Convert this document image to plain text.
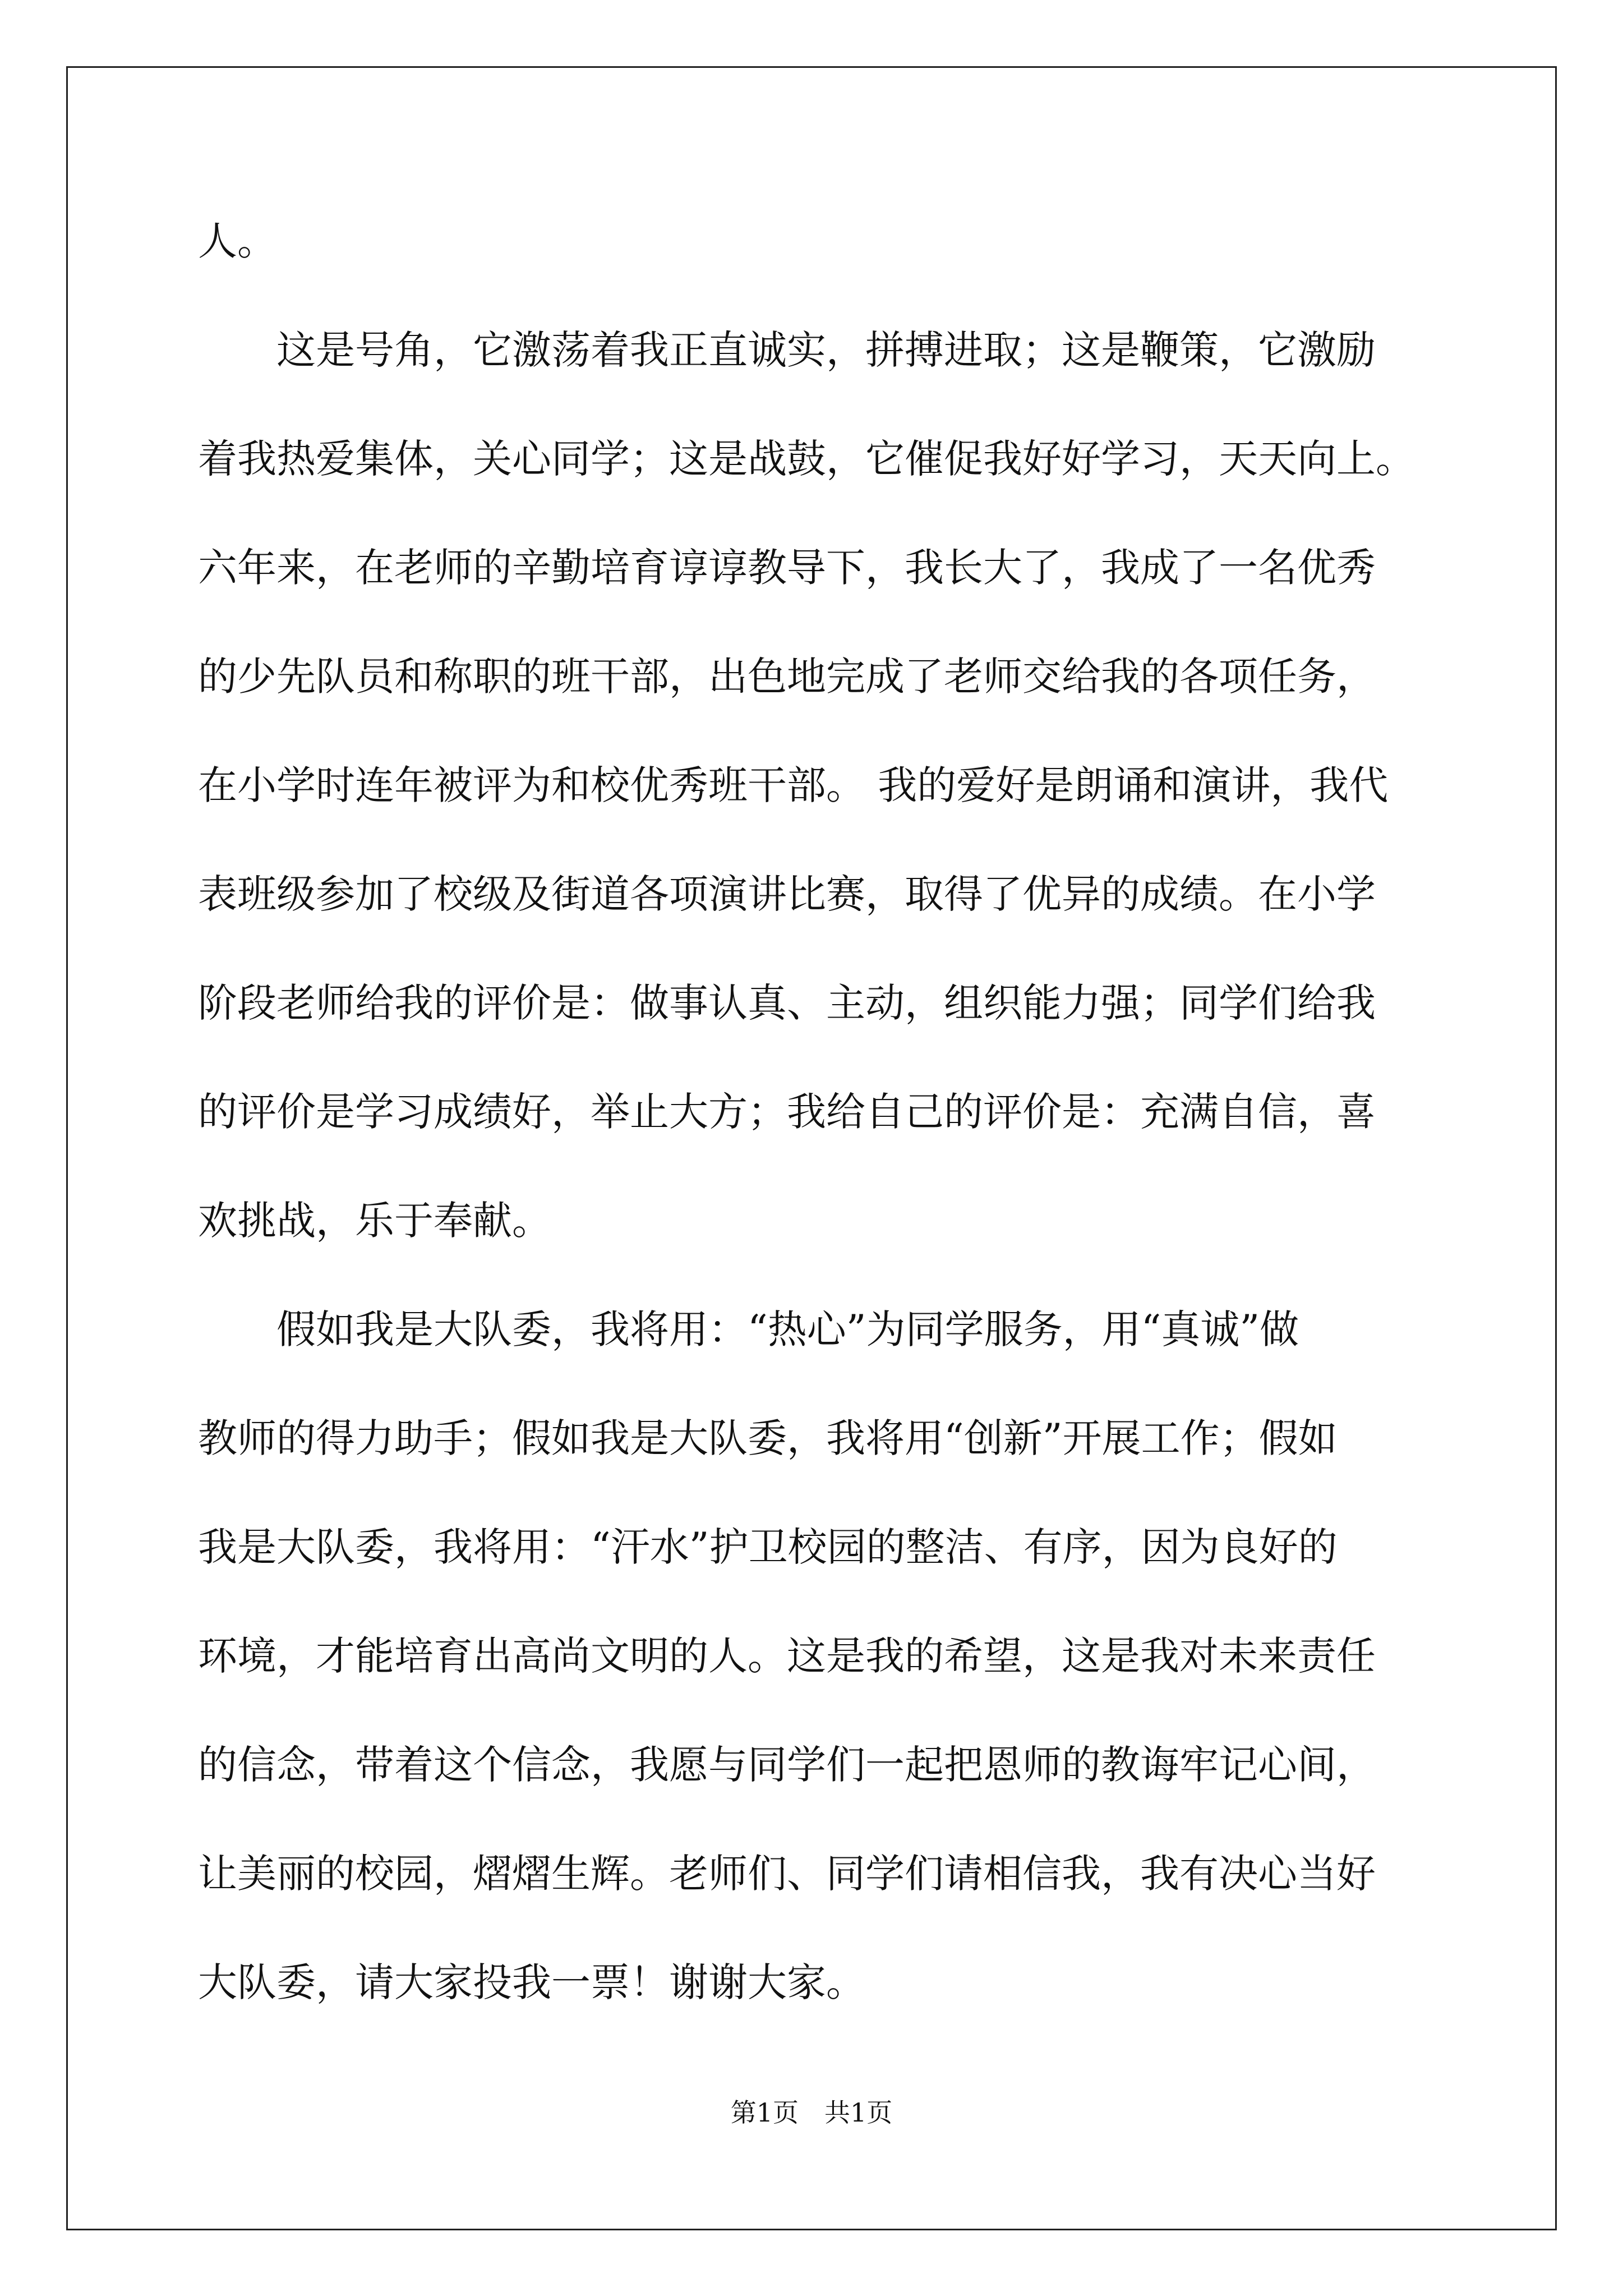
人。
　　这是号角，它激荡着我正直诚实，拼搏进取；这是鞭策，它激励
着我热爱集体，关心同学；这是战鼓，它催促我好好学习，天天向上。
六年来，在老师的辛勤培育谆谆教导下，我长大了，我成了一名优秀
的少先队员和称职的班干部，出色地完成了老师交给我的各项任务，
在小学时连年被评为和校优秀班干部。 我的爱好是朗诵和演讲，我代
表班级参加了校级及街道各项演讲比赛，取得了优异的成绩。在小学
阶段老师给我的评价是：做事认真、主动，组织能力强；同学们给我
的评价是学习成绩好，举止大方；我给自己的评价是：充满自信，喜
欢挑战，乐于奉献。
　　假如我是大队委，我将用：“热心”为同学服务，用“真诚”做
教师的得力助手；假如我是大队委，我将用“创新”开展工作；假如
我是大队委，我将用：“汗水”护卫校园的整洁、有序，因为良好的
环境，才能培育出高尚文明的人。这是我的希望，这是我对未来责任
的信念，带着这个信念，我愿与同学们一起把恩师的教诲牢记心间，
让美丽的校园，熠熠生辉。老师们、同学们请相信我，我有决心当好
大队委，请大家投我一票！谢谢大家。
第1页　共1页
